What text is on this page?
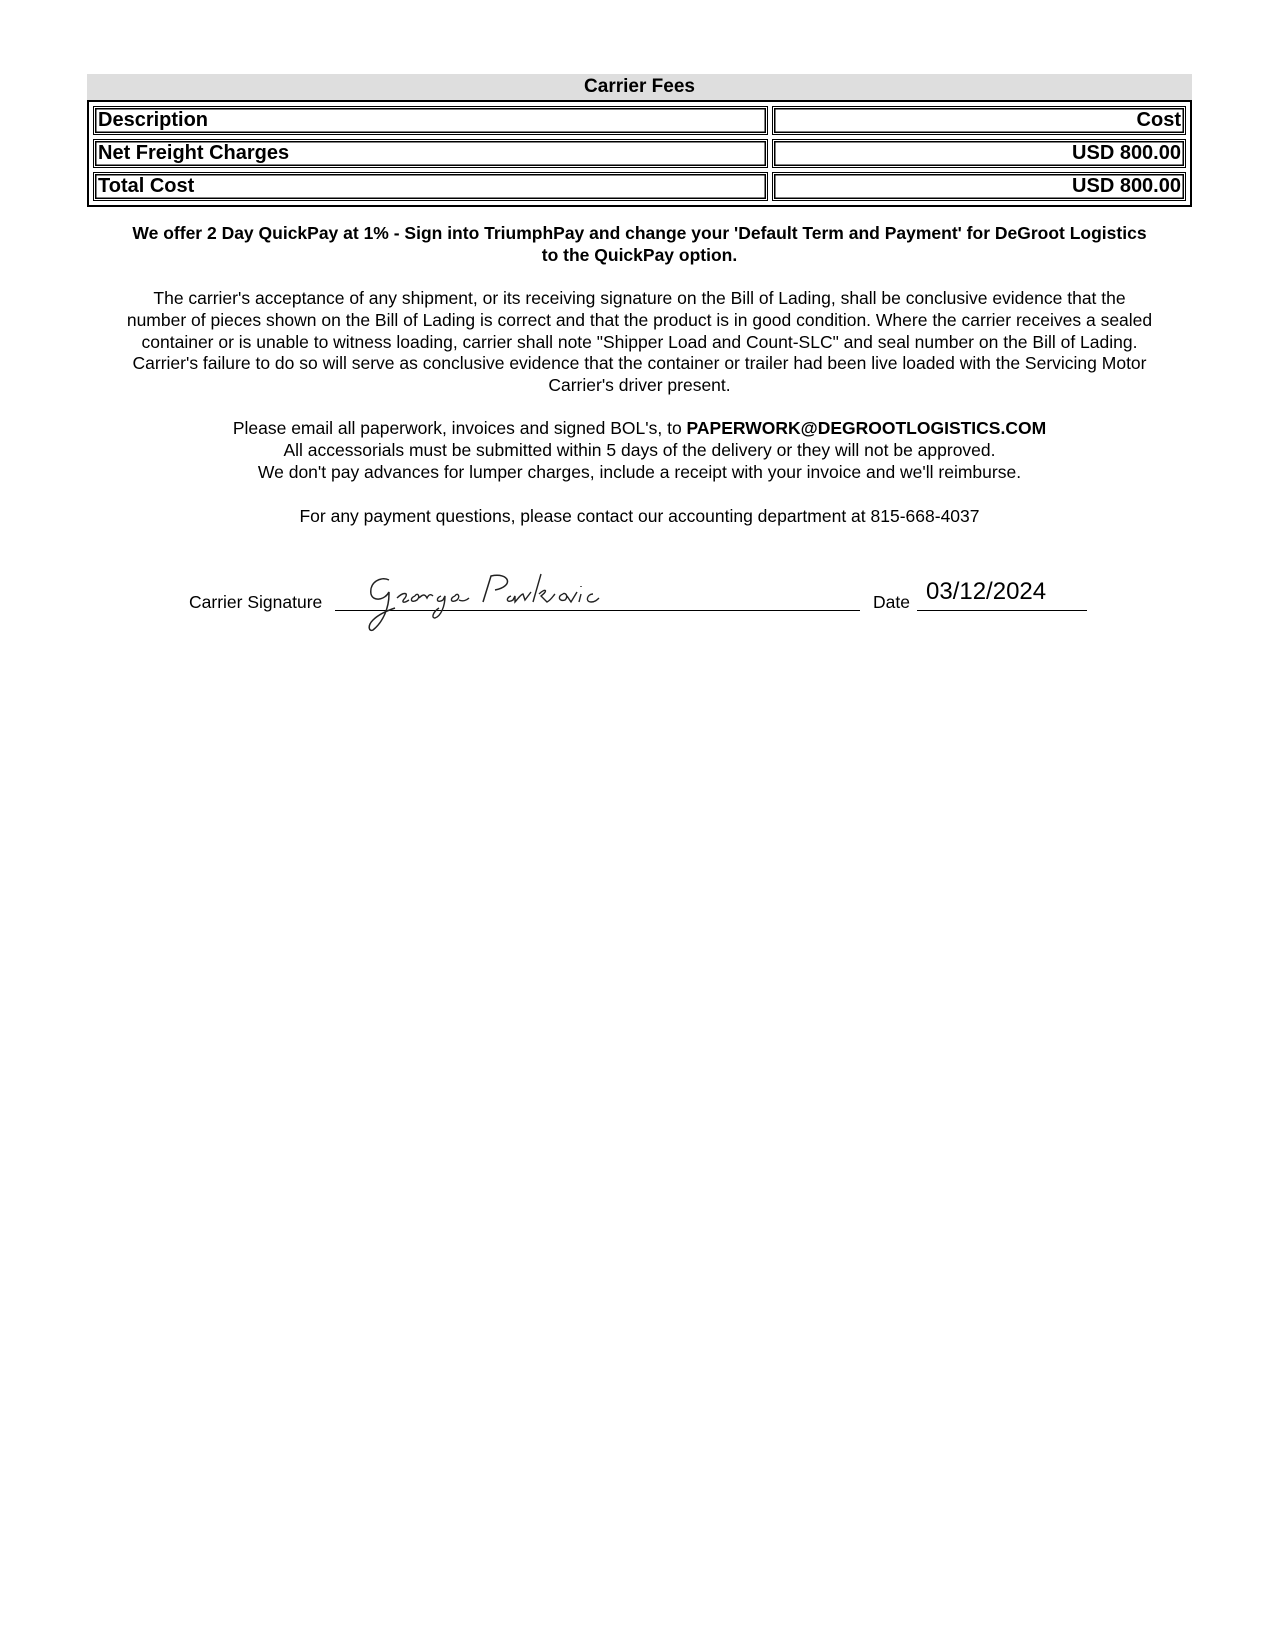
Carrier Fees
Description	Cost
Net Freight Charges	USD 800.00
Total Cost	USD 800.00
We offer 2 Day QuickPay at 1% - Sign into TriumphPay and change your 'Default Term and Payment' for DeGroot Logistics
to the QuickPay option.
The carrier's acceptance of any shipment, or its receiving signature on the Bill of Lading, shall be conclusive evidence that the
number of pieces shown on the Bill of Lading is correct and that the product is in good condition. Where the carrier receives a sealed
container or is unable to witness loading, carrier shall note "Shipper Load and Count-SLC" and seal number on the Bill of Lading.
Carrier's failure to do so will serve as conclusive evidence that the container or trailer had been live loaded with the Servicing Motor
Carrier's driver present.
Please email all paperwork, invoices and signed BOL's, to PAPERWORK@DEGROOTLOGISTICS.COM
All accessorials must be submitted within 5 days of the delivery or they will not be approved.
We don't pay advances for lumper charges, include a receipt with your invoice and we'll reimburse.
For any payment questions, please contact our accounting department at 815-668-4037
Carrier Signature	Date 03/12/2024
